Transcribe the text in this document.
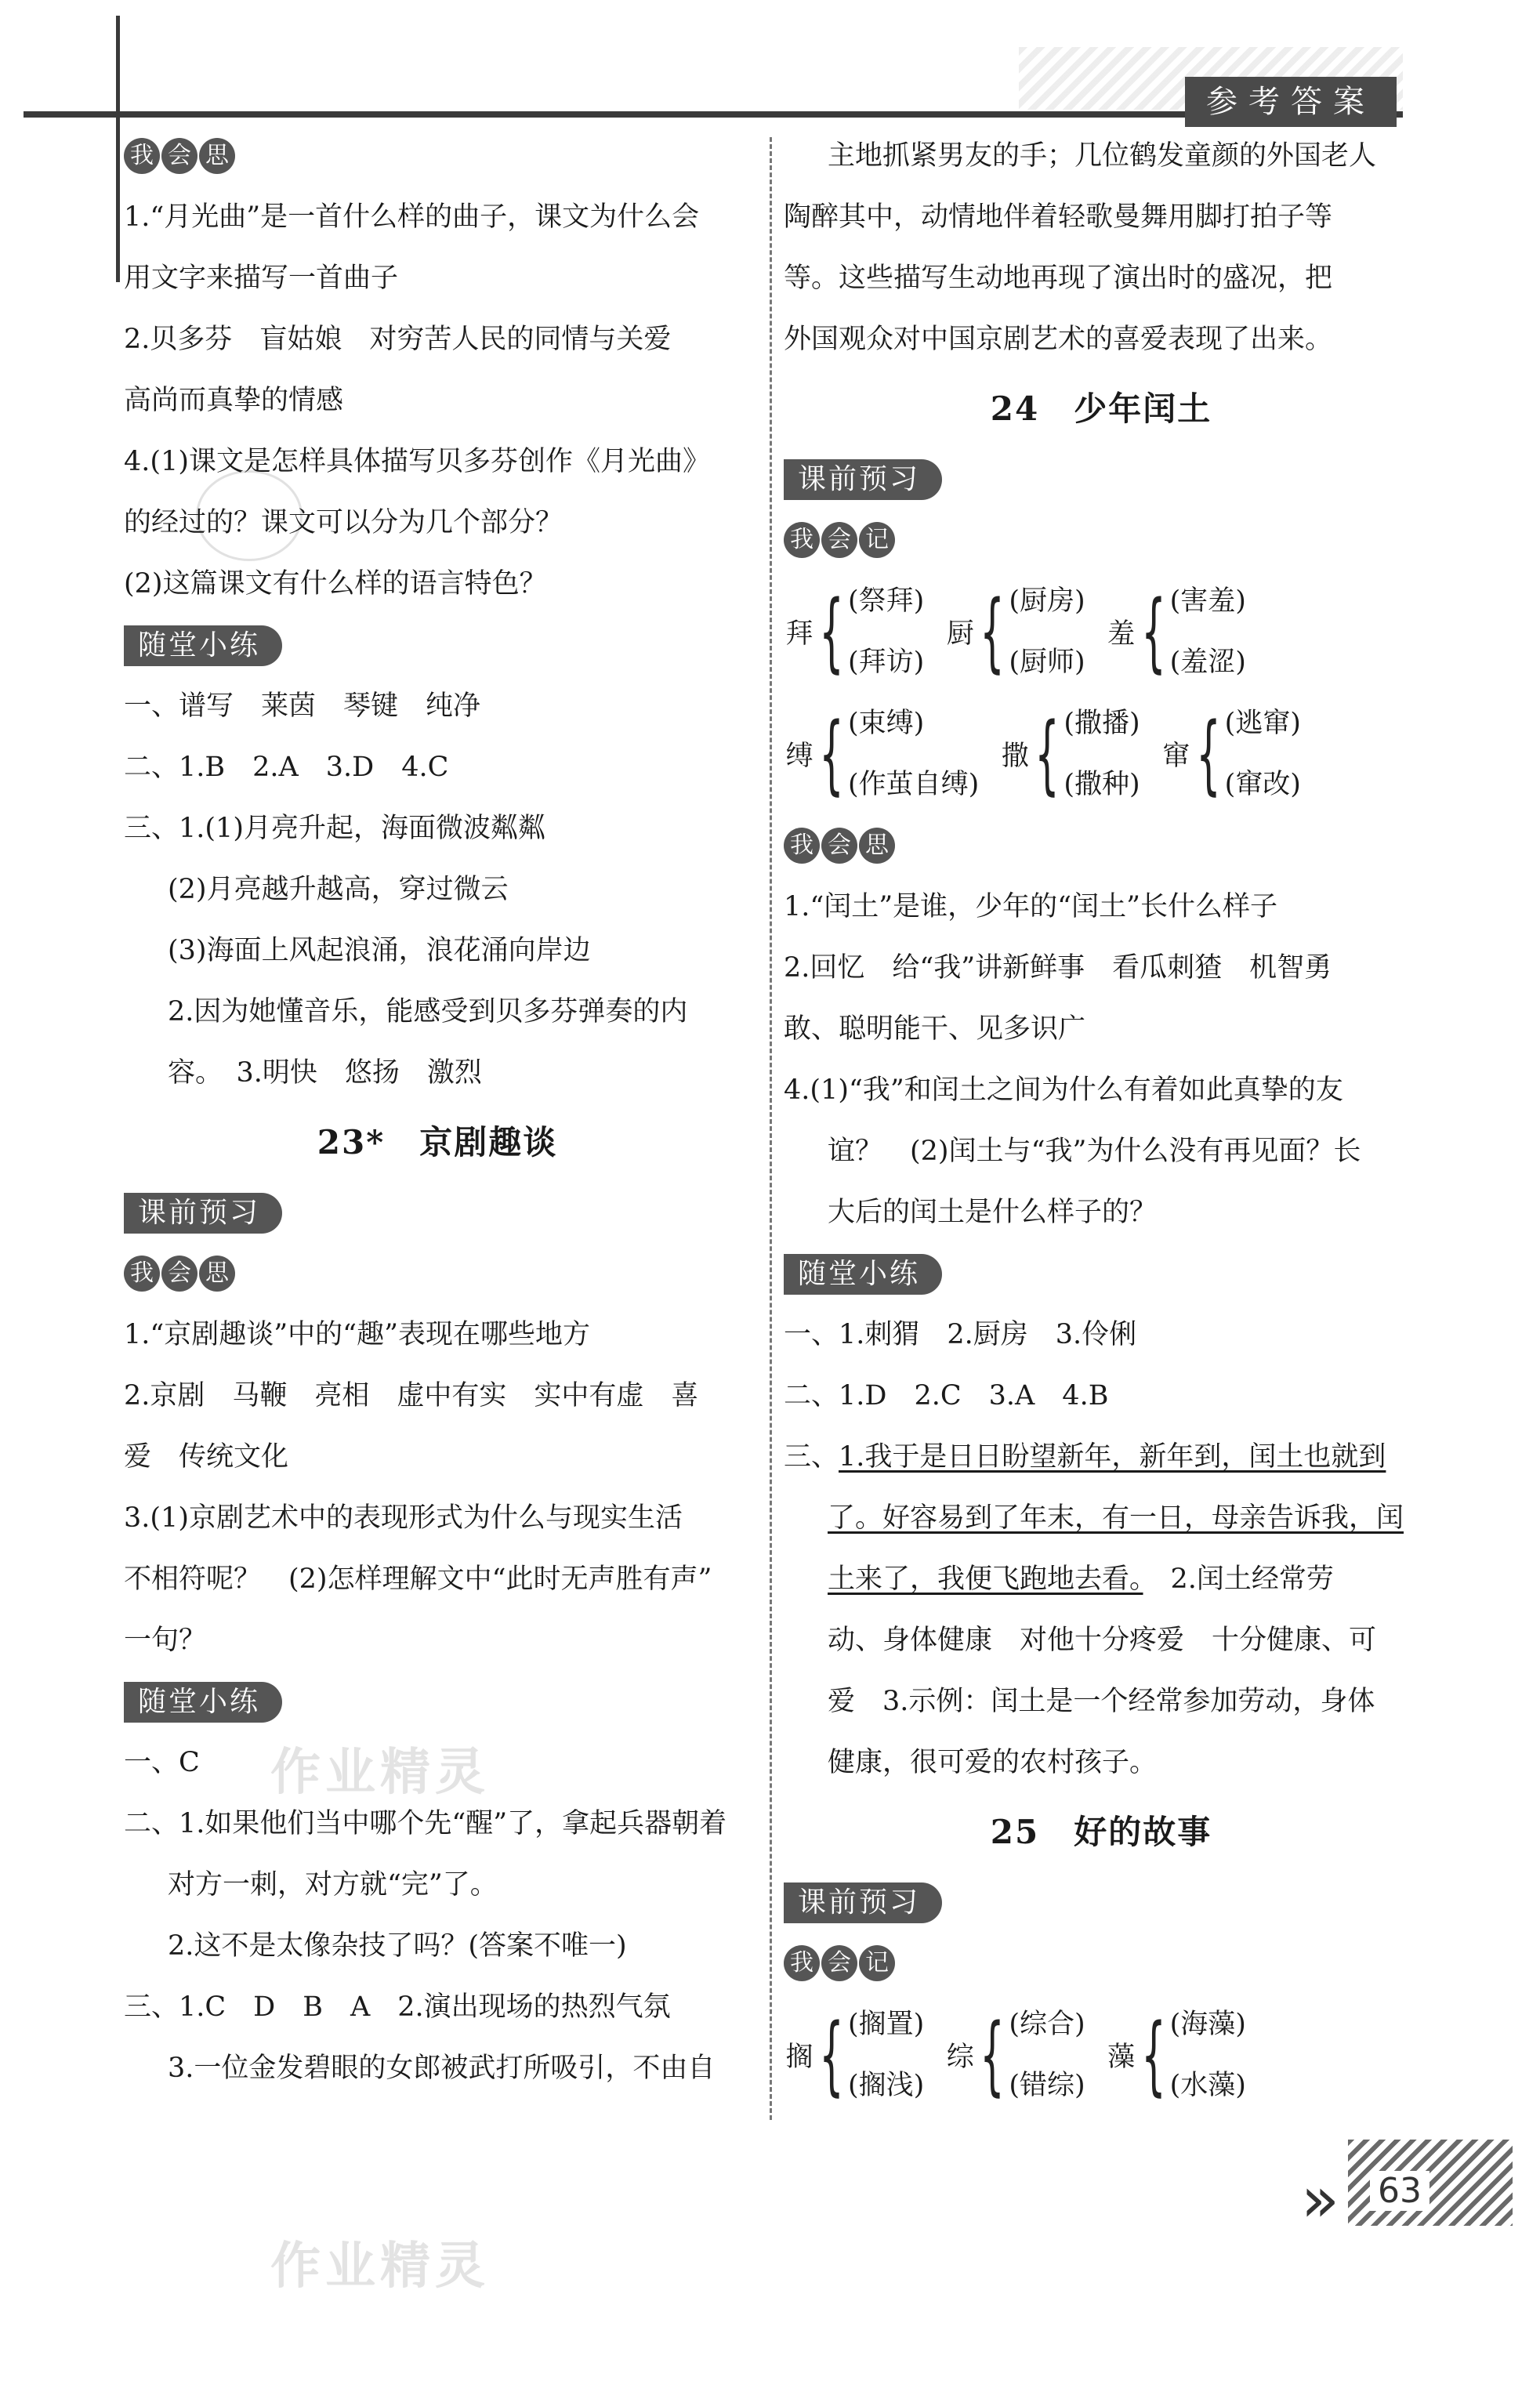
参考答案
作业精灵
作业精灵
我 会 思
1.“月光曲”是一首什么样的曲子，课文为什么会
用文字来描写一首曲子
2.贝多芬　盲姑娘　对穷苦人民的同情与关爱
高尚而真挚的情感
4.(1)课文是怎样具体描写贝多芬创作《月光曲》
的经过的？课文可以分为几个部分？
(2)这篇课文有什么样的语言特色？
随堂小练
一、谱写　莱茵　琴键　纯净
二、1.B　2.A　3.D　4.C
三、1.(1)月亮升起，海面微波粼粼
(2)月亮越升越高，穿过微云
(3)海面上风起浪涌，浪花涌向岸边
2.因为她懂音乐，能感受到贝多芬弹奏的内
容。　3.明快　悠扬　激烈
23*　京剧趣谈
课前预习
我 会 思
1.“京剧趣谈”中的“趣”表现在哪些地方
2.京剧　马鞭　亮相　虚中有实　实中有虚　喜
爱　传统文化
3.(1)京剧艺术中的表现形式为什么与现实生活
不相符呢？　(2)怎样理解文中“此时无声胜有声”
一句？
随堂小练
一、C
二、1.如果他们当中哪个先“醒”了，拿起兵器朝着
对方一刺，对方就“完”了。
2.这不是太像杂技了吗？(答案不唯一)
三、1.C　D　B　A　2.演出现场的热烈气氛
3.一位金发碧眼的女郎被武打所吸引，不由自
主地抓紧男友的手；几位鹤发童颜的外国老人
陶醉其中，动情地伴着轻歌曼舞用脚打拍子等
等。这些描写生动地再现了演出时的盛况，把
外国观众对中国京剧艺术的喜爱表现了出来。
24　少年闰土
课前预习
我 会 记
拜 { (祭拜)
(拜访)
厨 { (厨房)
(厨师)
羞 { (害羞)
(羞涩)
缚 { (束缚)
(作茧自缚)
撒 { (撒播)
(撒种)
窜 { (逃窜)
(窜改)
我 会 思
1.“闰土”是谁，少年的“闰土”长什么样子
2.回忆　给“我”讲新鲜事　看瓜刺猹　机智勇
敢、聪明能干、见多识广
4.(1)“我”和闰土之间为什么有着如此真挚的友
谊？　(2)闰土与“我”为什么没有再见面？长
大后的闰土是什么样子的？
随堂小练
一、1.刺猬　2.厨房　3.伶俐
二、1.D　2.C　3.A　4.B
三、1.我于是日日盼望新年，新年到，闰土也就到
了。好容易到了年末，有一日，母亲告诉我，闰
土来了，我便飞跑地去看。　2.闰土经常劳
动、身体健康　对他十分疼爱　十分健康、可
爱　3.示例：闰土是一个经常参加劳动，身体
健康，很可爱的农村孩子。
25　好的故事
课前预习
我 会 记
搁 { (搁置)
(搁浅)
综 { (综合)
(错综)
藻 { (海藻)
(水藻)
» 63
